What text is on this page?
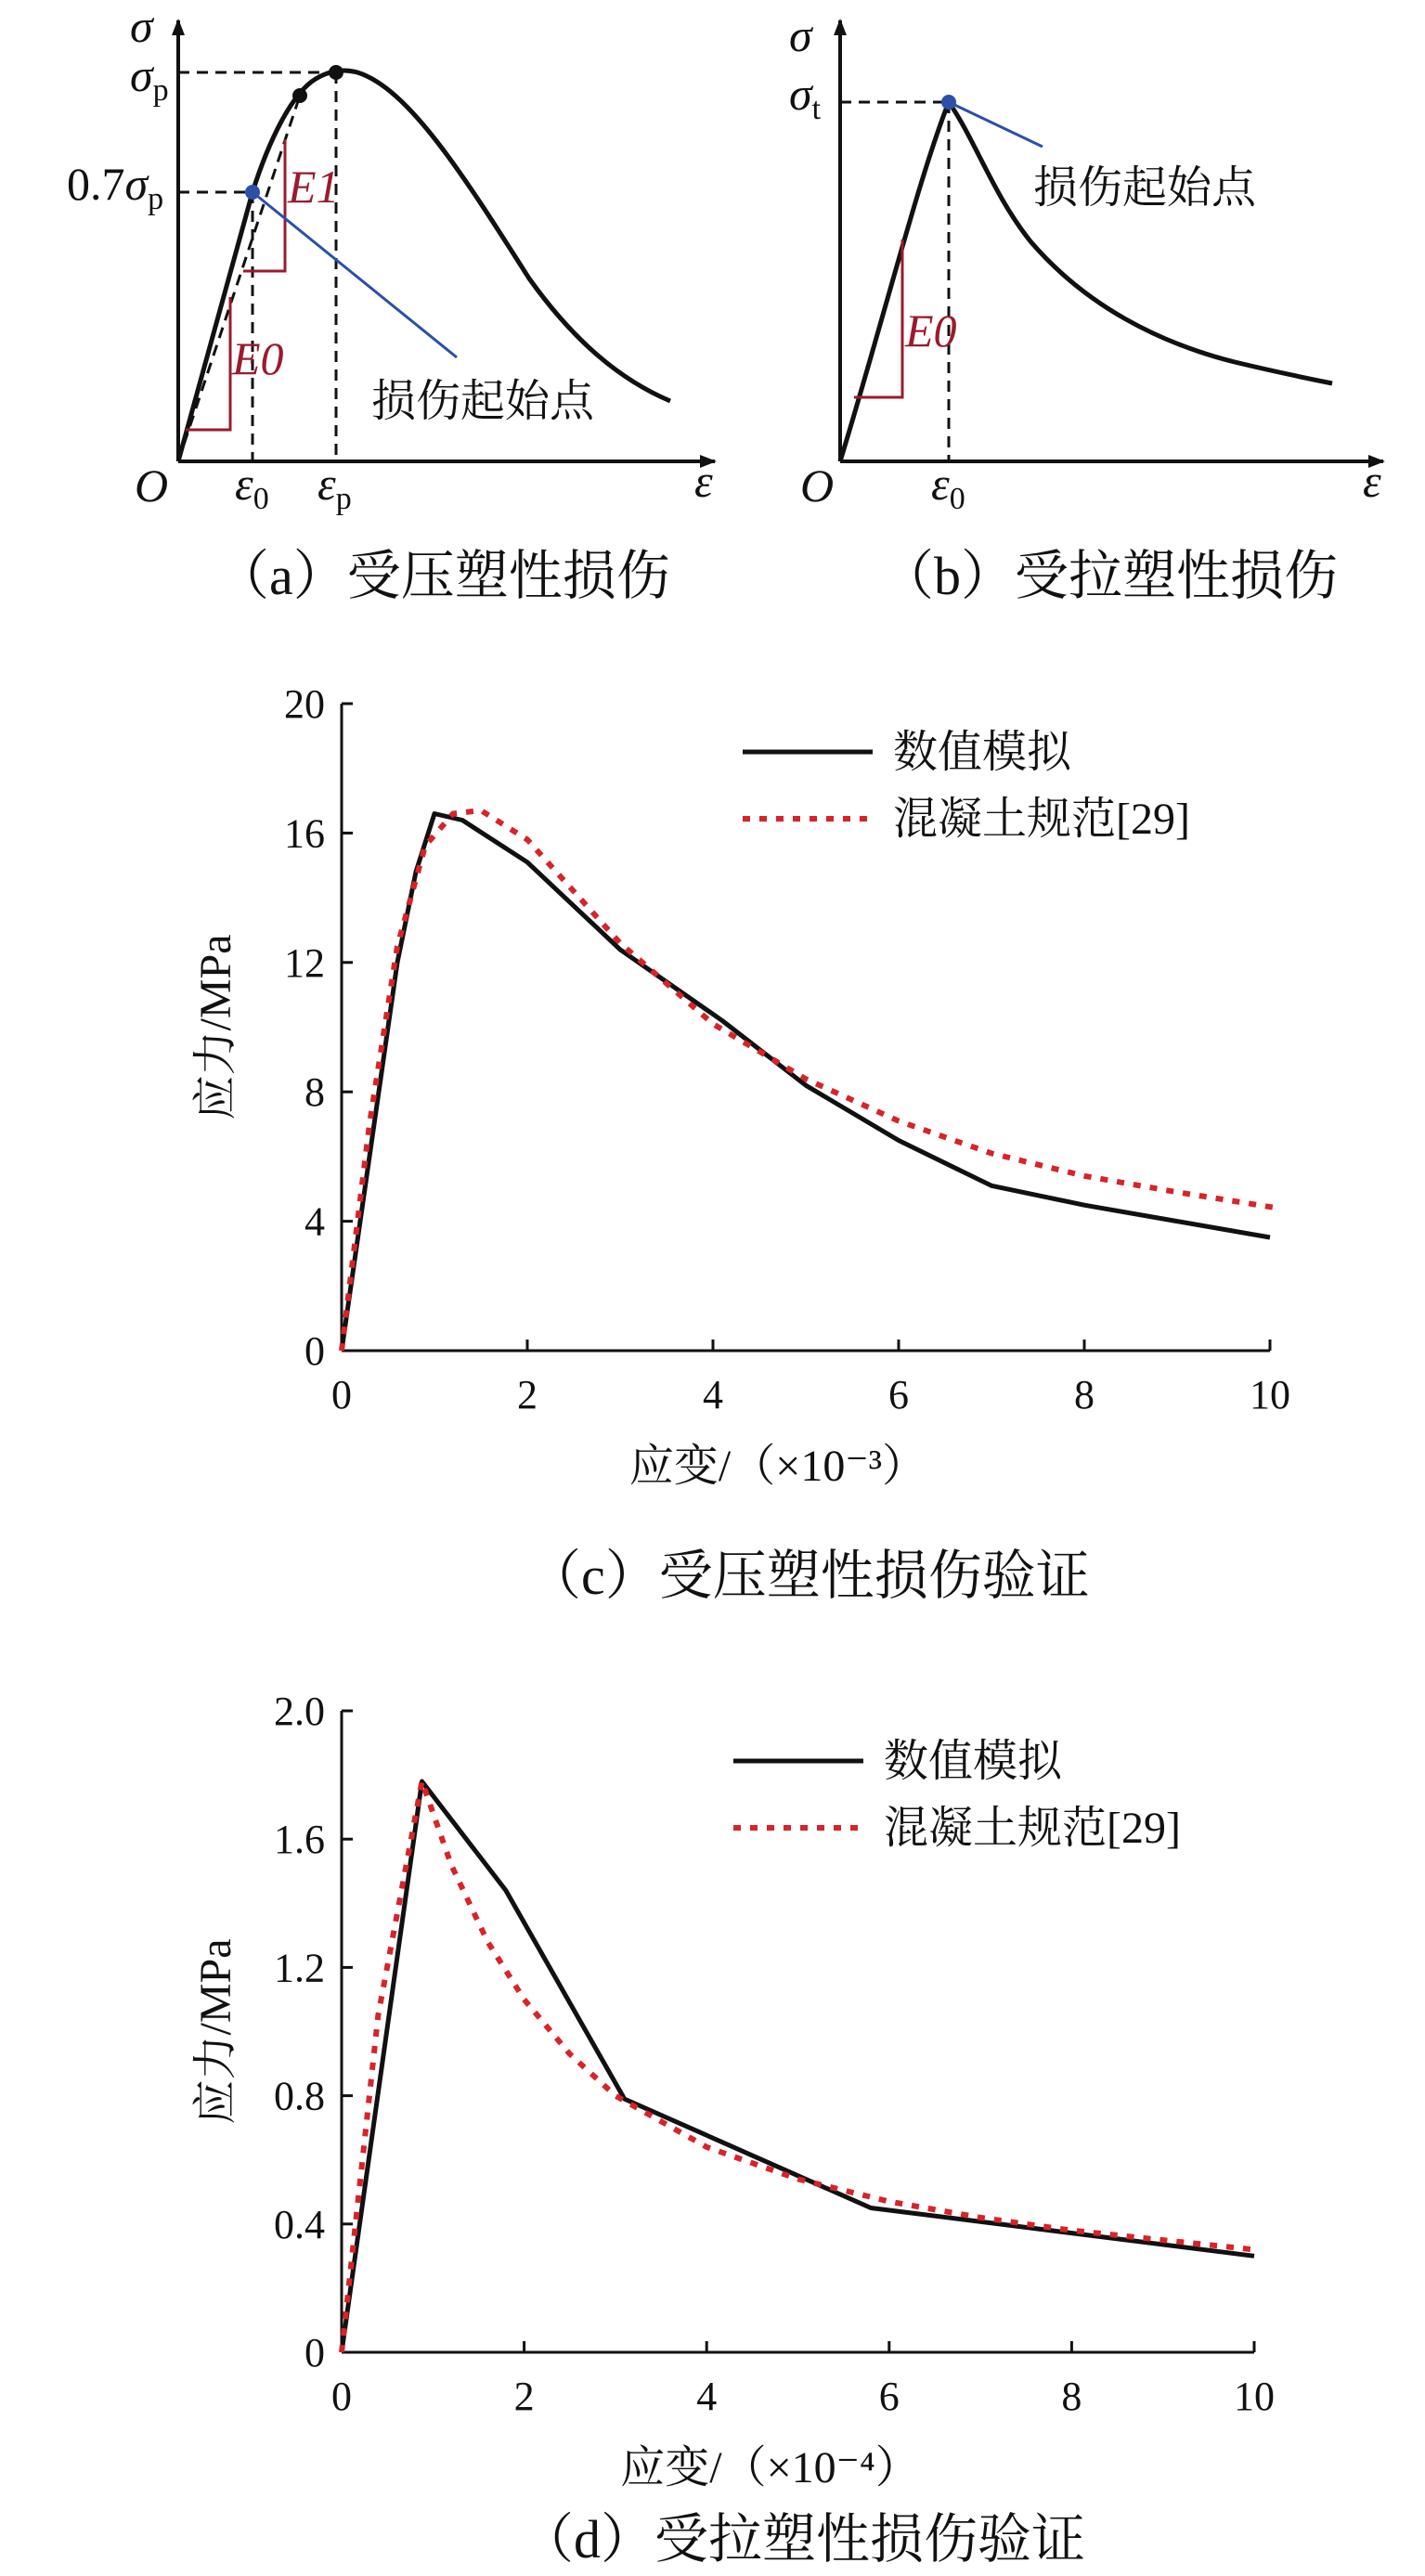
σ
ε
O
E0
E1
损伤起始点
$\sigma_p$
$0.7\sigma_p$
$\varepsilon_0$ $\varepsilon_p$
（a）受压塑性损伤
σ
ε
O
E0
损伤起始点
$\sigma_t$
$\varepsilon_0$
（b）受拉塑性损伤
0	2	4	6	8	10
0
4
8
12
16
20
应变/（×10⁻³）
应力/MPa
数值模拟
混凝土规范[29]
（c）受压塑性损伤验证
0	2	4	6	8	10
0
0.4
0.8
1.2
1.6
2.0
应变/（×10⁻⁴）
应力/MPa
数值模拟
混凝土规范[29]
（d）受拉塑性损伤验证
